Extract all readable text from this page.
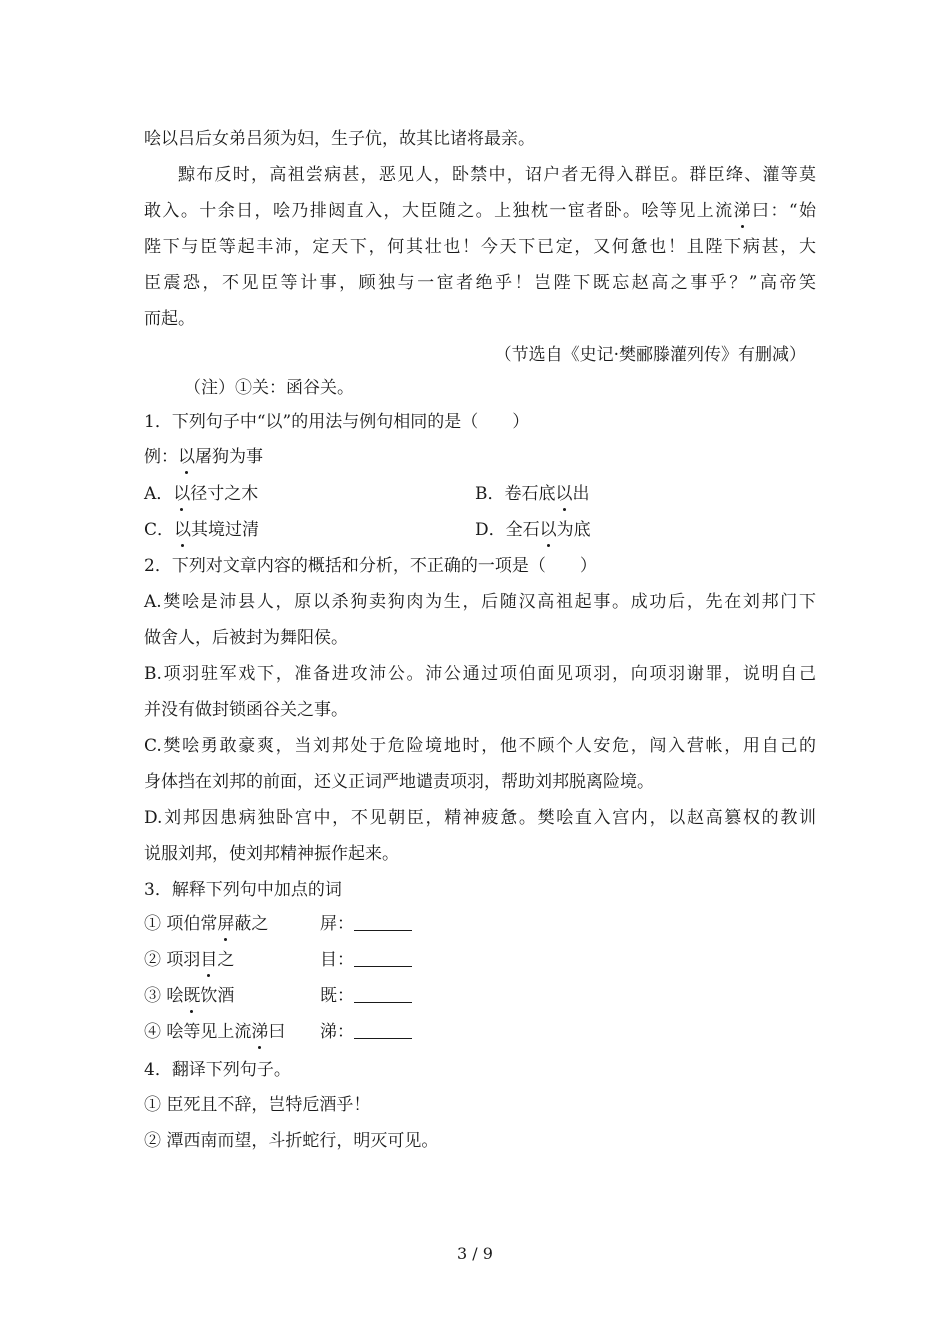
哙以吕后女弟吕须为妇，生子伉，故其比诸将最亲。
黥布反时，高祖尝病甚，恶见人，卧禁中，诏户者无得入群臣。群臣绛、灌等莫
敢入。十余日，哙乃排闼直入，大臣随之。上独枕一宦者卧。哙等见上流涕曰：“始
陛下与臣等起丰沛，定天下，何其壮也！今天下已定，又何惫也！且陛下病甚，大
臣震恐，不见臣等计事，顾独与一宦者绝乎！岂陛下既忘赵高之事乎？”高帝笑
而起。
（节选自《史记·樊郦滕灌列传》有删减）
（注）①关：函谷关。
1．下列句子中“以”的用法与例句相同的是（　　）
例：以屠狗为事
A．以径寸之木	B．卷石底以出
C．以其境过清	D．全石以为底
2．下列对文章内容的概括和分析，不正确的一项是（　　）
A.樊哙是沛县人，原以杀狗卖狗肉为生，后随汉高祖起事。成功后，先在刘邦门下
做舍人，后被封为舞阳侯。
B.项羽驻军戏下，准备进攻沛公。沛公通过项伯面见项羽，向项羽谢罪，说明自己
并没有做封锁函谷关之事。
C.樊哙勇敢豪爽，当刘邦处于危险境地时，他不顾个人安危，闯入营帐，用自己的
身体挡在刘邦的前面，还义正词严地谴责项羽，帮助刘邦脱离险境。
D.刘邦因患病独卧宫中，不见朝臣，精神疲惫。樊哙直入宫内，以赵高篡权的教训
说服刘邦，使刘邦精神振作起来。
3．解释下列句中加点的词
① 项伯常屏蔽之	屏：
② 项羽目之	目：
③ 哙既饮酒	既：
④ 哙等见上流涕曰 涕：
4．翻译下列句子。
① 臣死且不辞，岂特卮酒乎！
② 潭西南而望，斗折蛇行，明灭可见。
3 / 9
